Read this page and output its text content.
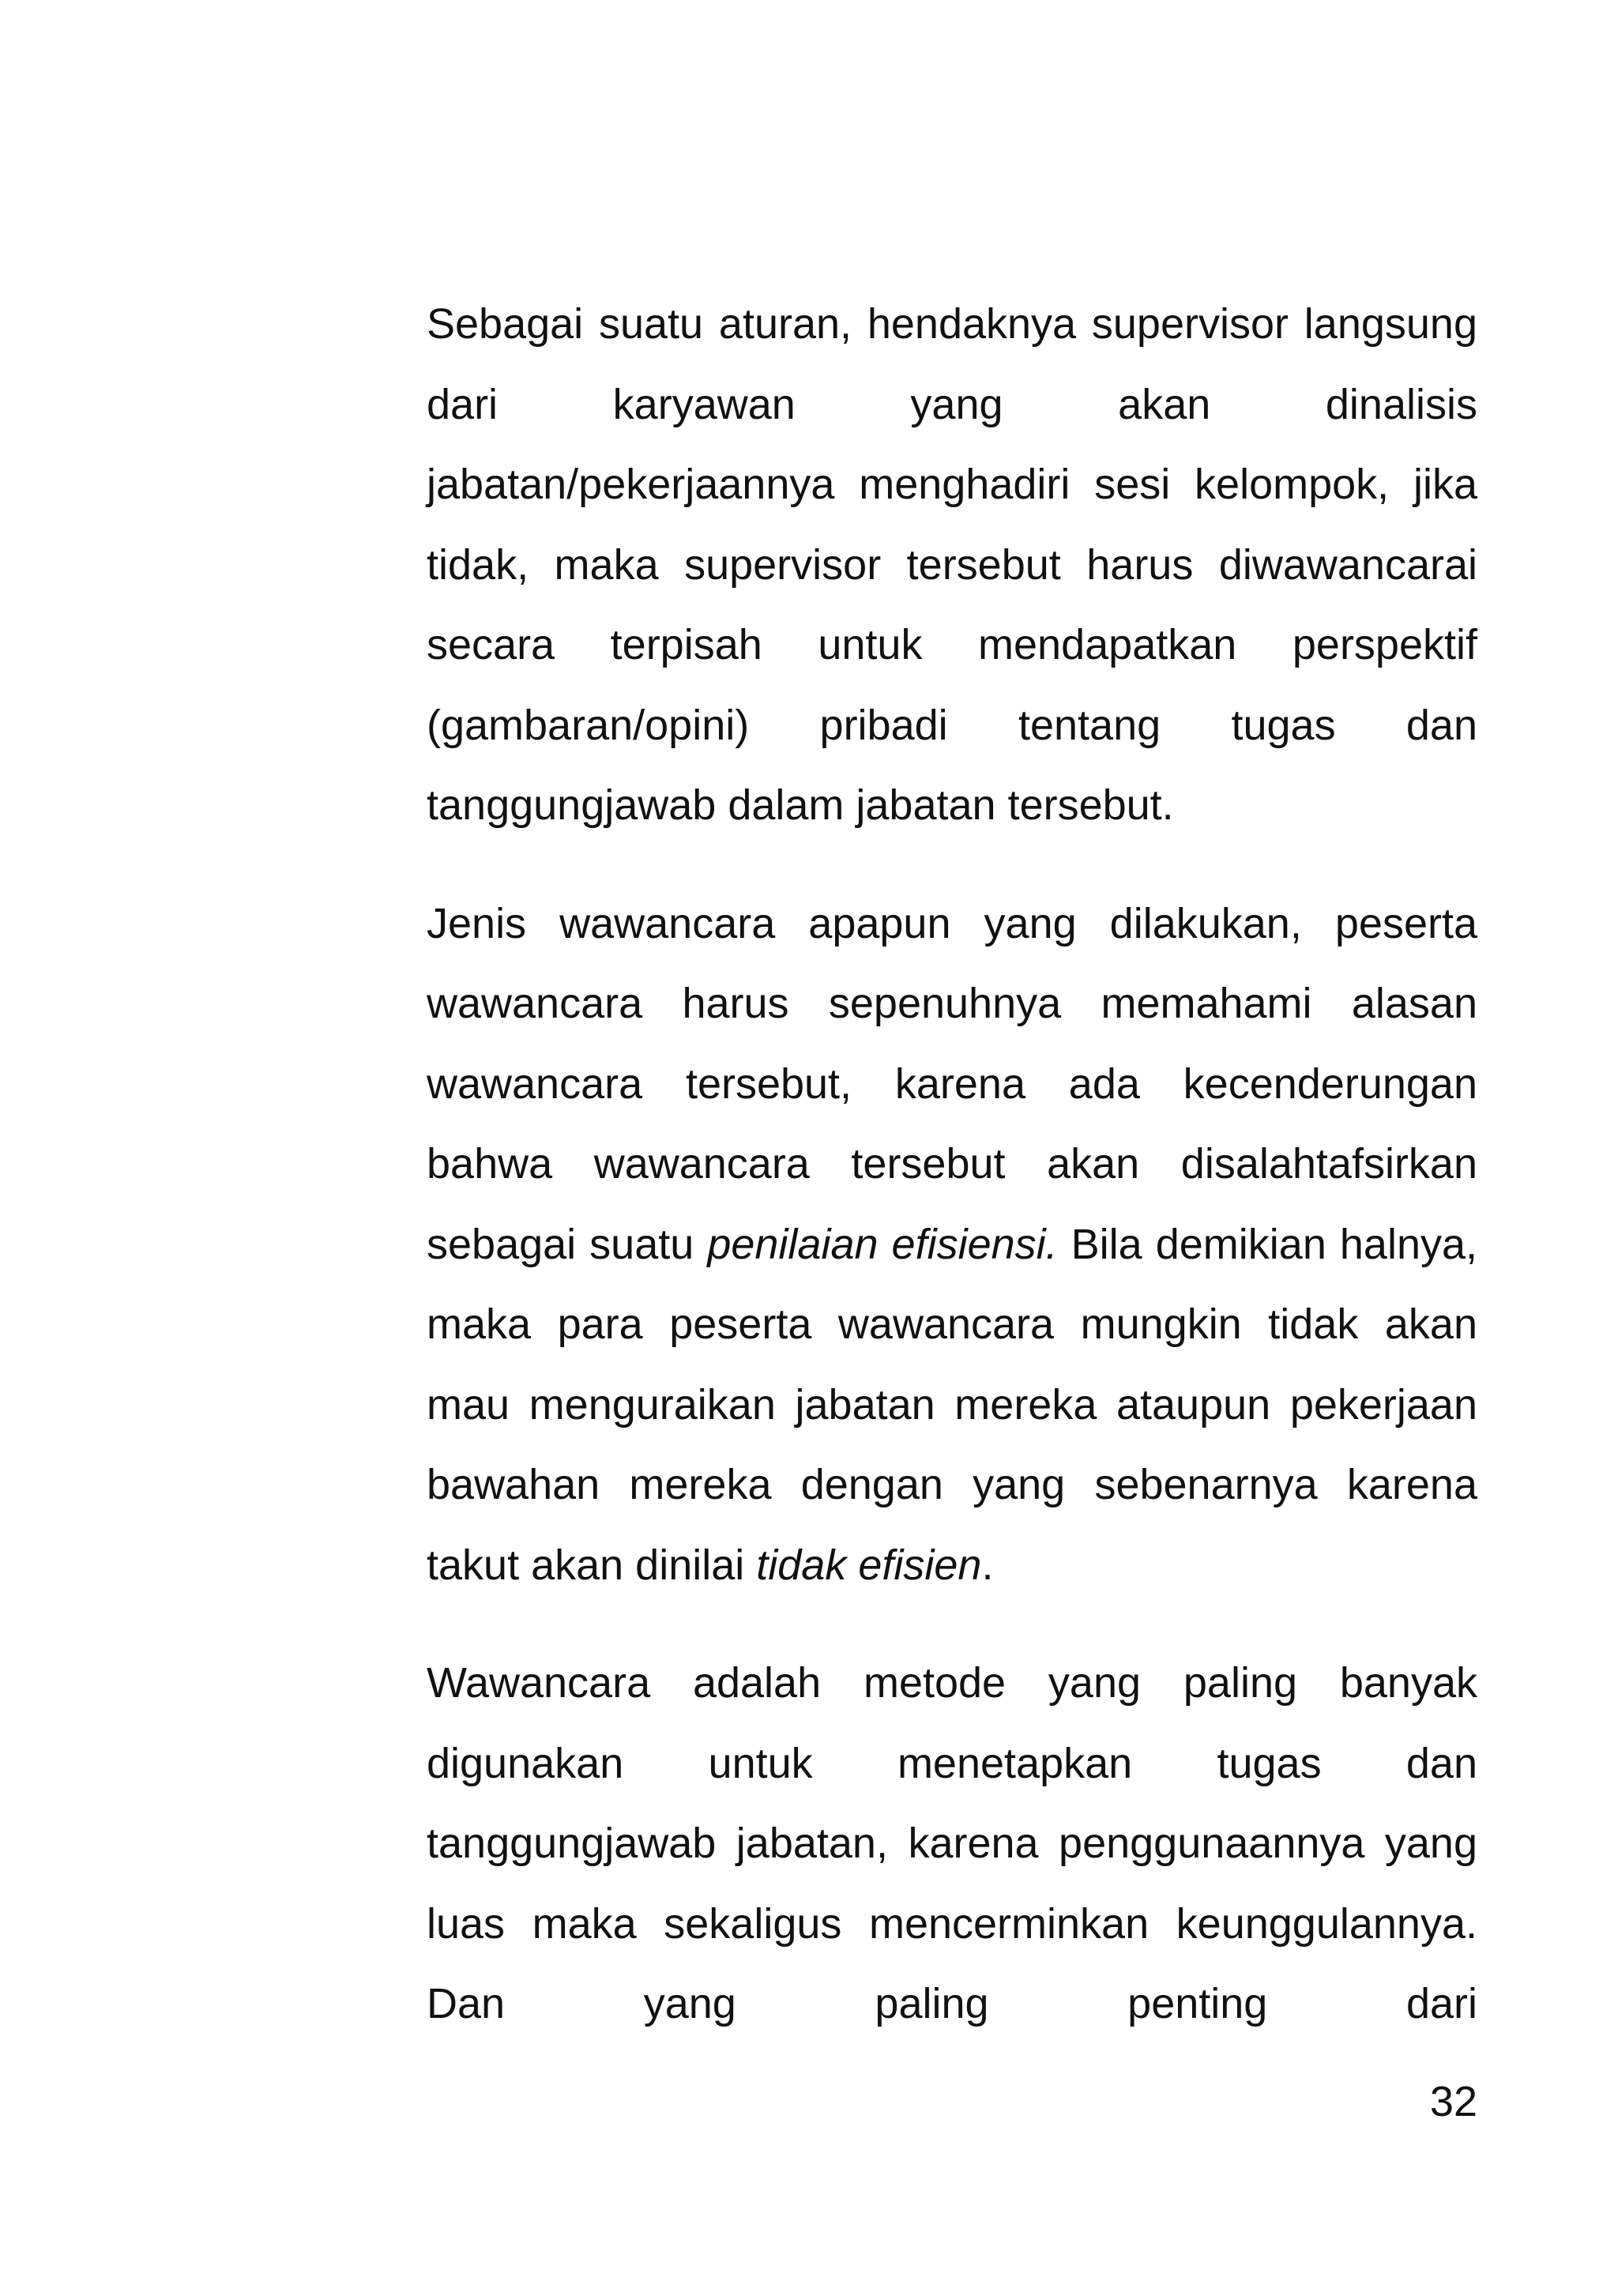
Sebagai suatu aturan, hendaknya supervisor langsung dari karyawan yang akan dinalisis jabatan/pekerjaannya menghadiri sesi kelompok, jika tidak, maka supervisor tersebut harus diwawancarai secara terpisah untuk mendapatkan perspektif (gambaran/opini) pribadi tentang tugas dan tanggungjawab dalam jabatan tersebut.

Jenis wawancara apapun yang dilakukan, peserta wawancara harus sepenuhnya memahami alasan wawancara tersebut, karena ada kecenderungan bahwa wawancara tersebut akan disalahtafsirkan sebagai suatu penilaian efisiensi. Bila demikian halnya, maka para peserta wawancara mungkin tidak akan mau menguraikan jabatan mereka ataupun pekerjaan bawahan mereka dengan yang sebenarnya karena takut akan dinilai tidak efisien.

Wawancara adalah metode yang paling banyak digunakan untuk menetapkan tugas dan tanggungjawab jabatan, karena penggunaannya yang luas maka sekaligus mencerminkan keunggulannya. Dan yang paling penting dari

32
